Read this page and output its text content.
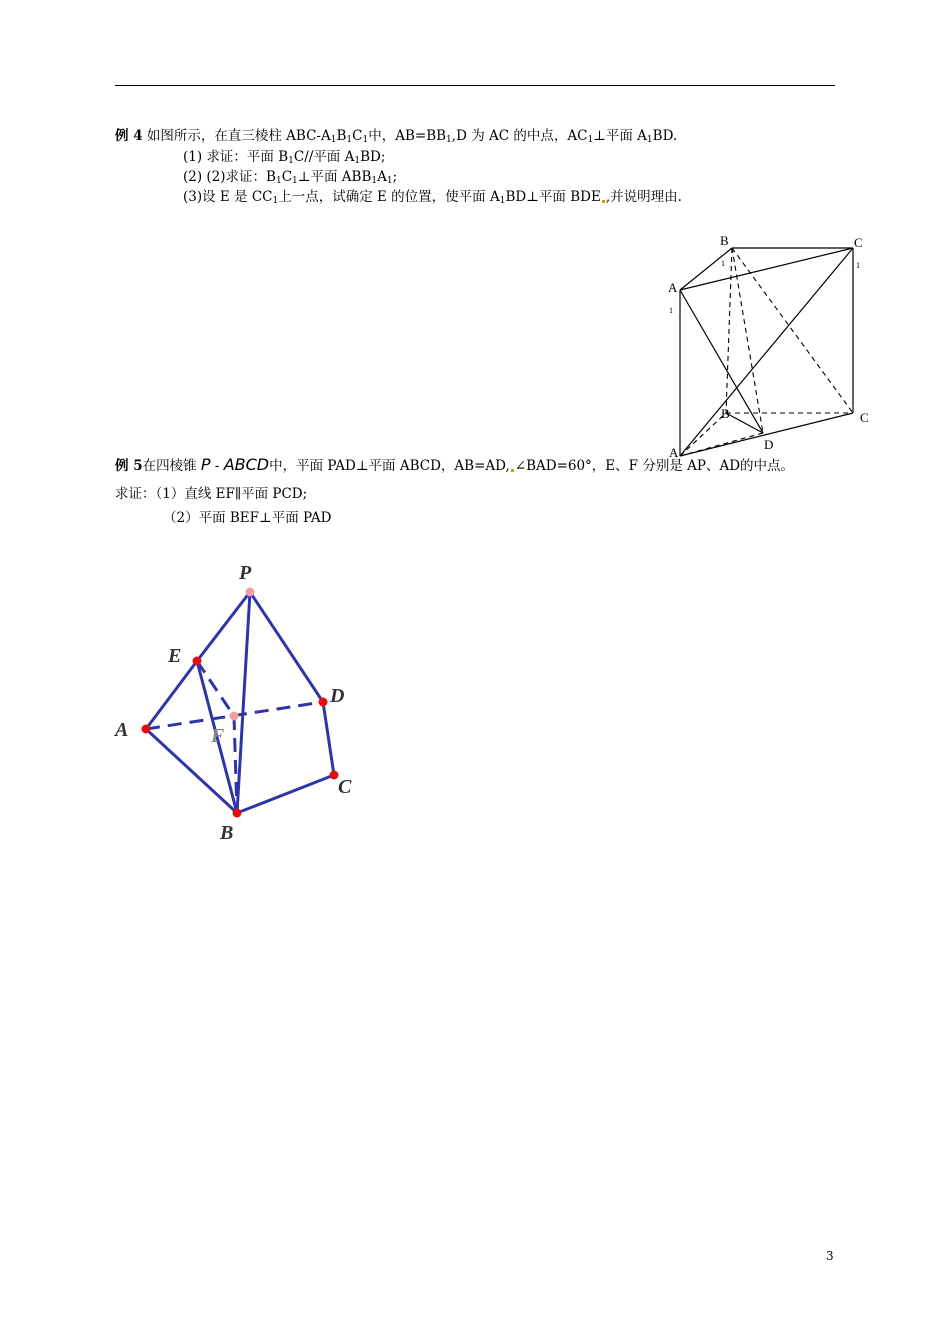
例 4 如图所示，在直三棱柱 ABC-$A_1B_1C_1$中，$AB=BB_1,D$ 为 AC 的中点，$AC_1\perp$平面 $A_1BD$.
(1) 求证：平面 $B_1C//$平面 $A_1BD$;
(2) (2)求证：$B_1C_1\perp$平面 $ABB_1A_1$;
(3)设 E 是 $CC_1$上一点，试确定 E 的位置，使平面 $A_1BD\perp$平面 BDE ,并说明理由.
B
1
C
1
A
1
B	C
D
A
例 5在四棱锥 P - ABCD中，平面 PAD⊥平面 ABCD，AB=AD, ∠BAD=60°，E、F 分别是 AP、AD的中点。
求证：（1）直线 EF∥平面 PCD;
（2）平面 BEF⊥平面 PAD
P
E
D
A	F
C
B
3
